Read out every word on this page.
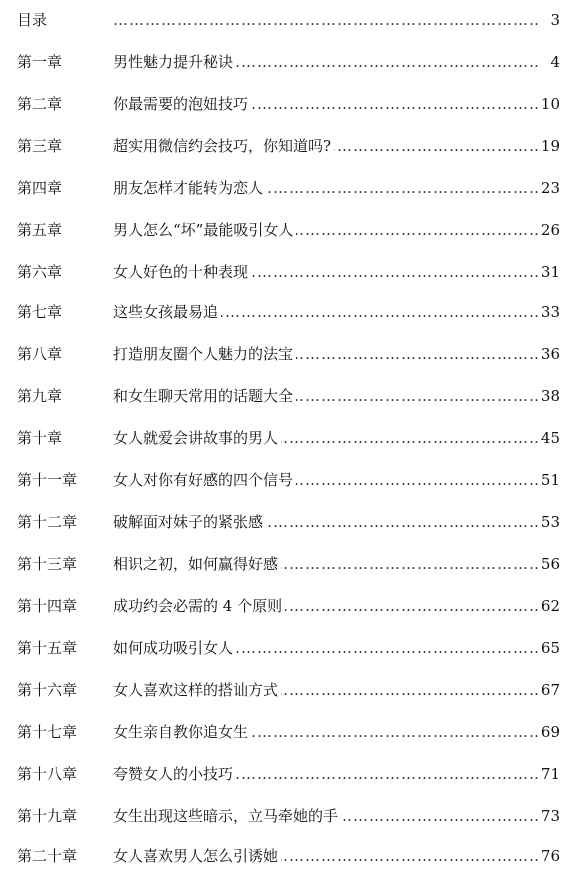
目录 …………………………………………………………………………………………………………………………………………………………	3
第一章 …………………………………………………………………………………………………………………………………………………………	男性魅力提升秘诀	4
第二章 …………………………………………………………………………………………………………………………………………………………	你最需要的泡妞技巧	10
第三章 …………………………………………………………………………………………………………………………………………………………	超实用微信约会技巧，你知道吗?	19
第四章 …………………………………………………………………………………………………………………………………………………………	朋友怎样才能转为恋人	23
第五章 …………………………………………………………………………………………………………………………………………………………	男人怎么“坏”最能吸引女人	26
第六章 …………………………………………………………………………………………………………………………………………………………	女人好色的十种表现	31
第七章 …………………………………………………………………………………………………………………………………………………………	这些女孩最易追	33
第八章 …………………………………………………………………………………………………………………………………………………………	打造朋友圈个人魅力的法宝	36
第九章 …………………………………………………………………………………………………………………………………………………………	和女生聊天常用的话题大全	38
第十章 …………………………………………………………………………………………………………………………………………………………	女人就爱会讲故事的男人	45
第十一章 ………………………………………………………………………………………………………………………………………………………… 女人对你有好感的四个信号	51
第十二章 ………………………………………………………………………………………………………………………………………………………… 破解面对妹子的紧张感	53
第十三章 ………………………………………………………………………………………………………………………………………………………… 相识之初，如何赢得好感	56
第十四章 ………………………………………………………………………………………………………………………………………………………… 成功约会必需的 4 个原则	62
第十五章 ………………………………………………………………………………………………………………………………………………………… 如何成功吸引女人	65
第十六章 ………………………………………………………………………………………………………………………………………………………… 女人喜欢这样的搭讪方式	67
第十七章 ………………………………………………………………………………………………………………………………………………………… 女生亲自教你追女生	69
第十八章 ………………………………………………………………………………………………………………………………………………………… 夸赞女人的小技巧	71
第十九章 ………………………………………………………………………………………………………………………………………………………… 女生出现这些暗示，立马牵她的手	73
第二十章 ………………………………………………………………………………………………………………………………………………………… 女人喜欢男人怎么引诱她	76
